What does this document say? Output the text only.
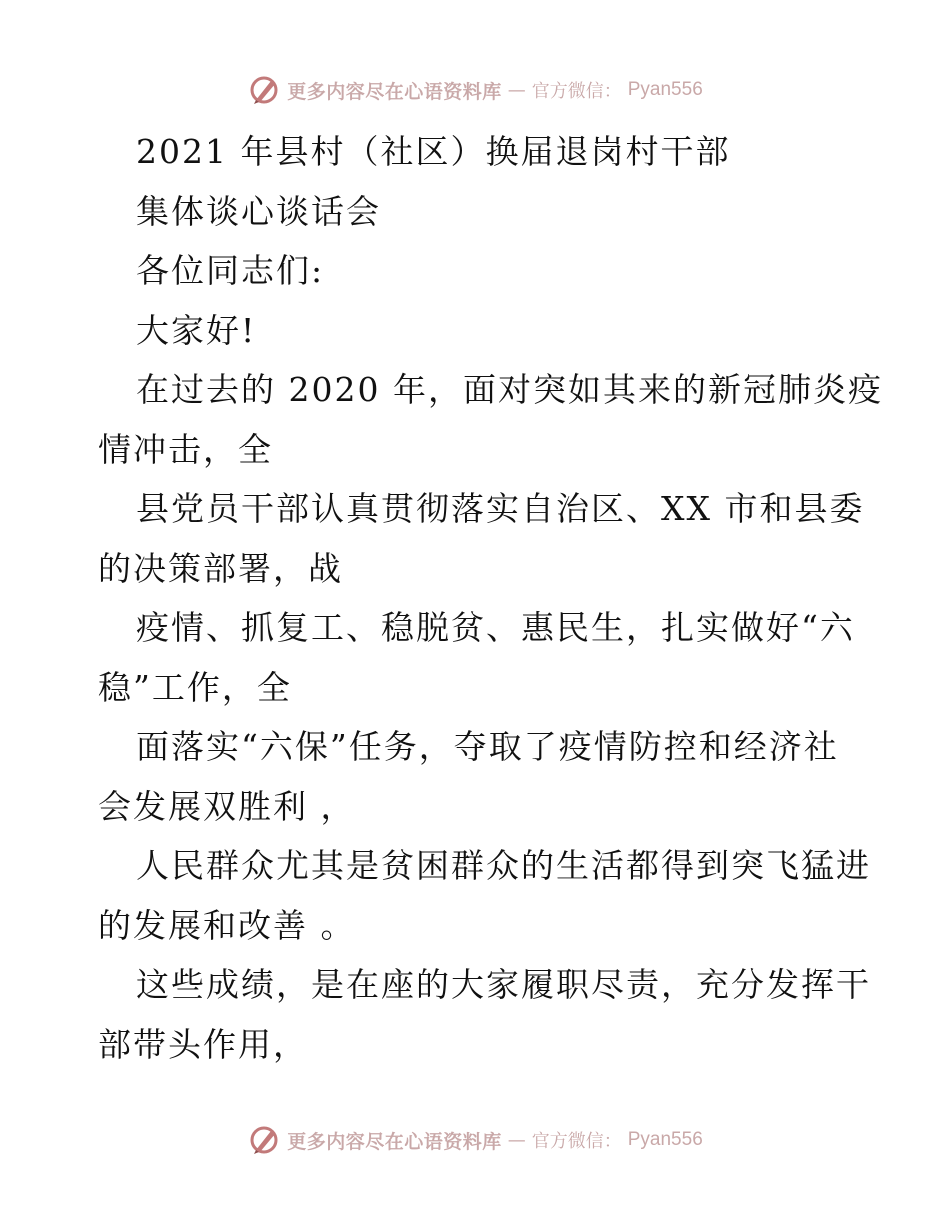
更多内容尽在心语资料库 — 官方微信： Pyan556
2021 年县村（社区）换届退岗村干部
集体谈心谈话会
各位同志们:
大家好!
在过去的 2020 年，面对突如其来的新冠肺炎疫
情冲击，全
县党员干部认真贯彻落实自治区、XX 市和县委
的决策部署，战
疫情、抓复工、稳脱贫、惠民生，扎实做好“六
稳”工作，全
面落实“六保”任务，夺取了疫情防控和经济社
会发展双胜利 ，
人民群众尤其是贫困群众的生活都得到突飞猛进
的发展和改善 。
这些成绩，是在座的大家履职尽责，充分发挥干
部带头作用，
更多内容尽在心语资料库 — 官方微信： Pyan556
